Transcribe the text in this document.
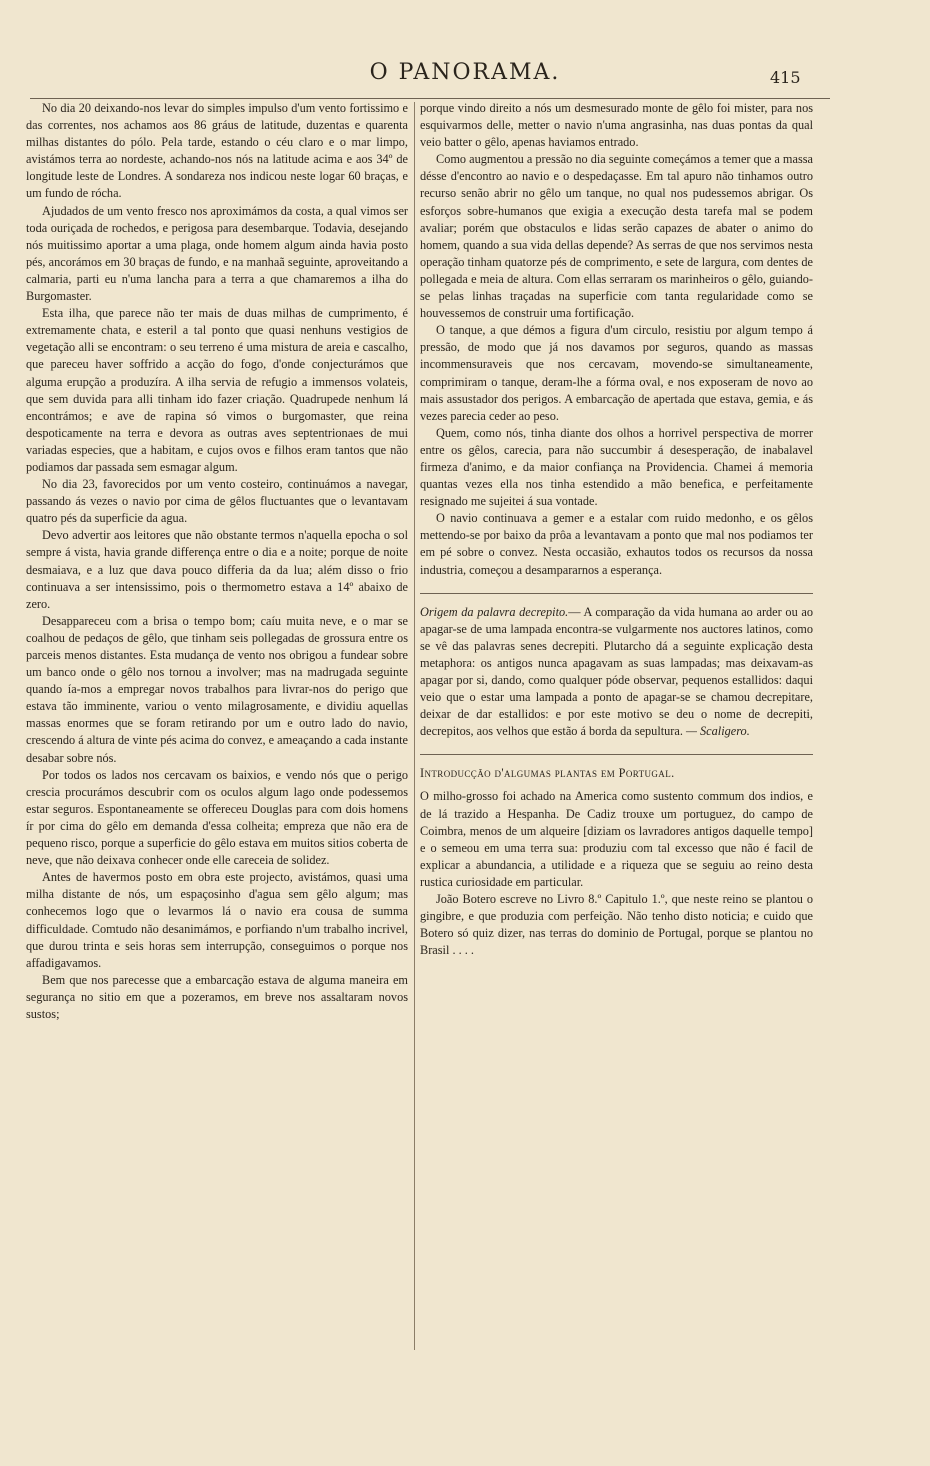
O PANORAMA.	415

No dia 20 deixando-nos levar do simples impulso d'um vento fortissimo e das correntes, nos achamos aos 86 gráus de latitude, duzentas e quarenta milhas distantes do pólo. Pela tarde, estando o céu claro e o mar limpo, avistámos terra ao nordeste, achando-nos nós na latitude acima e aos 34º de longitude leste de Londres. A sondareza nos indicou neste logar 60 braças, e um fundo de rócha.

Ajudados de um vento fresco nos aproximámos da costa, a qual vimos ser toda ouriçada de rochedos, e perigosa para desembarque. Todavia, desejando nós muitissimo aportar a uma plaga, onde homem algum ainda havia posto pés, ancorámos em 30 braças de fundo, e na manhaã seguinte, aproveitando a calmaria, parti eu n'uma lancha para a terra a que chamaremos a ilha do Burgomaster.

Esta ilha, que parece não ter mais de duas milhas de cumprimento, é extremamente chata, e esteril a tal ponto que quasi nenhuns vestigios de vegetação alli se encontram: o seu terreno é uma mistura de areia e cascalho, que pareceu haver soffrido a acção do fogo, d'onde conjecturámos que alguma erupção a produzíra. A ilha servia de refugio a immensos volateis, que sem duvida para alli tinham ido fazer criação. Quadrupede nenhum lá encontrámos; e ave de rapina só vimos o burgomaster, que reina despoticamente na terra e devora as outras aves septentrionaes de mui variadas especies, que a habitam, e cujos ovos e filhos eram tantos que não podiamos dar passada sem esmagar algum.

No dia 23, favorecidos por um vento costeiro, continuámos a navegar, passando ás vezes o navio por cima de gêlos fluctuantes que o levantavam quatro pés da superficie da agua.

Devo advertir aos leitores que não obstante termos n'aquella epocha o sol sempre á vista, havia grande differença entre o dia e a noite; porque de noite desmaiava, e a luz que dava pouco differia da da lua; além disso o frio continuava a ser intensissimo, pois o thermometro estava a 14º abaixo de zero.

Desappareceu com a brisa o tempo bom; caíu muita neve, e o mar se coalhou de pedaços de gêlo, que tinham seis pollegadas de grossura entre os parceis menos distantes. Esta mudança de vento nos obrigou a fundear sobre um banco onde o gêlo nos tornou a involver; mas na madrugada seguinte quando ía-mos a empregar novos trabalhos para livrar-nos do perigo que estava tão imminente, variou o vento milagrosamente, e dividiu aquellas massas enormes que se foram retirando por um e outro lado do navio, crescendo á altura de vinte pés acima do convez, e ameaçando a cada instante desabar sobre nós.

Por todos os lados nos cercavam os baixios, e vendo nós que o perigo crescia procurámos descubrir com os oculos algum lago onde podessemos estar seguros. Espontaneamente se offereceu Douglas para com dois homens ír por cima do gêlo em demanda d'essa colheita; empreza que não era de pequeno risco, porque a superficie do gêlo estava em muitos sitios coberta de neve, que não deixava conhecer onde elle careceia de solidez.

Antes de havermos posto em obra este projecto, avistámos, quasi uma milha distante de nós, um espaçosinho d'agua sem gêlo algum; mas conhecemos logo que o levarmos lá o navio era cousa de summa difficuldade. Comtudo não desanimámos, e porfiando n'um trabalho incrivel, que durou trinta e seis horas sem interrupção, conseguimos o porque nos affadigavamos.

Bem que nos parecesse que a embarcação estava de alguma maneira em segurança no sitio em que a pozeramos, em breve nos assaltaram novos sustos;

porque vindo direito a nós um desmesurado monte de gêlo foi mister, para nos esquivarmos delle, metter o navio n'uma angrasinha, nas duas pontas da qual veio batter o gêlo, apenas haviamos entrado.

Como augmentou a pressão no dia seguinte começámos a temer que a massa désse d'encontro ao navio e o despedaçasse. Em tal apuro não tinhamos outro recurso senão abrir no gêlo um tanque, no qual nos pudessemos abrigar. Os esforços sobre-humanos que exigia a execução desta tarefa mal se podem avaliar; porém que obstaculos e lidas serão capazes de abater o animo do homem, quando a sua vida dellas depende? As serras de que nos servimos nesta operação tinham quatorze pés de comprimento, e sete de largura, com dentes de pollegada e meia de altura. Com ellas serraram os marinheiros o gêlo, guiando-se pelas linhas traçadas na superficie com tanta regularidade como se houvessemos de construir uma fortificação.

O tanque, a que démos a figura d'um circulo, resistiu por algum tempo á pressão, de modo que já nos davamos por seguros, quando as massas incommensuraveis que nos cercavam, movendo-se simultaneamente, comprimiram o tanque, deram-lhe a fórma oval, e nos exposeram de novo ao mais assustador dos perigos. A embarcação de apertada que estava, gemia, e ás vezes parecia ceder ao peso.

Quem, como nós, tinha diante dos olhos a horrivel perspectiva de morrer entre os gêlos, carecia, para não succumbir á desesperação, de inabalavel firmeza d'animo, e da maior confiança na Providencia. Chamei á memoria quantas vezes ella nos tinha estendido a mão benefica, e perfeitamente resignado me sujeitei á sua vontade.

O navio continuava a gemer e a estalar com ruido medonho, e os gêlos mettendo-se por baixo da prôa a levantavam a ponto que mal nos podiamos ter em pé sobre o convez. Nesta occasião, exhautos todos os recursos da nossa industria, começou a desampararnos a esperança.

Origem da palavra decrepito.— A comparação da vida humana ao arder ou ao apagar-se de uma lampada encontra-se vulgarmente nos auctores latinos, como se vê das palavras senes decrepiti. Plutarcho dá a seguinte explicação desta metaphora: os antigos nunca apagavam as suas lampadas; mas deixavam-as apagar por si, dando, como qualquer póde observar, pequenos estallidos: daqui veio que o estar uma lampada a ponto de apagar-se se chamou decrepitare, deixar de dar estallidos: e por este motivo se deu o nome de decrepiti, decrepitos, aos velhos que estão á borda da sepultura. — Scaligero.

Introducção d'algumas plantas em Portugal.

O milho-grosso foi achado na America como sustento commum dos indios, e de lá trazido a Hespanha. De Cadiz trouxe um portuguez, do campo de Coimbra, menos de um alqueire [diziam os lavradores antigos daquelle tempo] e o semeou em uma terra sua: produziu com tal excesso que não é facil de explicar a abundancia, a utilidade e a riqueza que se seguiu ao reino desta rustica curiosidade em particular.

João Botero escreve no Livro 8.º Capitulo 1.º, que neste reino se plantou o gingibre, e que produzia com perfeição. Não tenho disto noticia; e cuido que Botero só quiz dizer, nas terras do dominio de Portugal, porque se plantou no Brasil . . . .
